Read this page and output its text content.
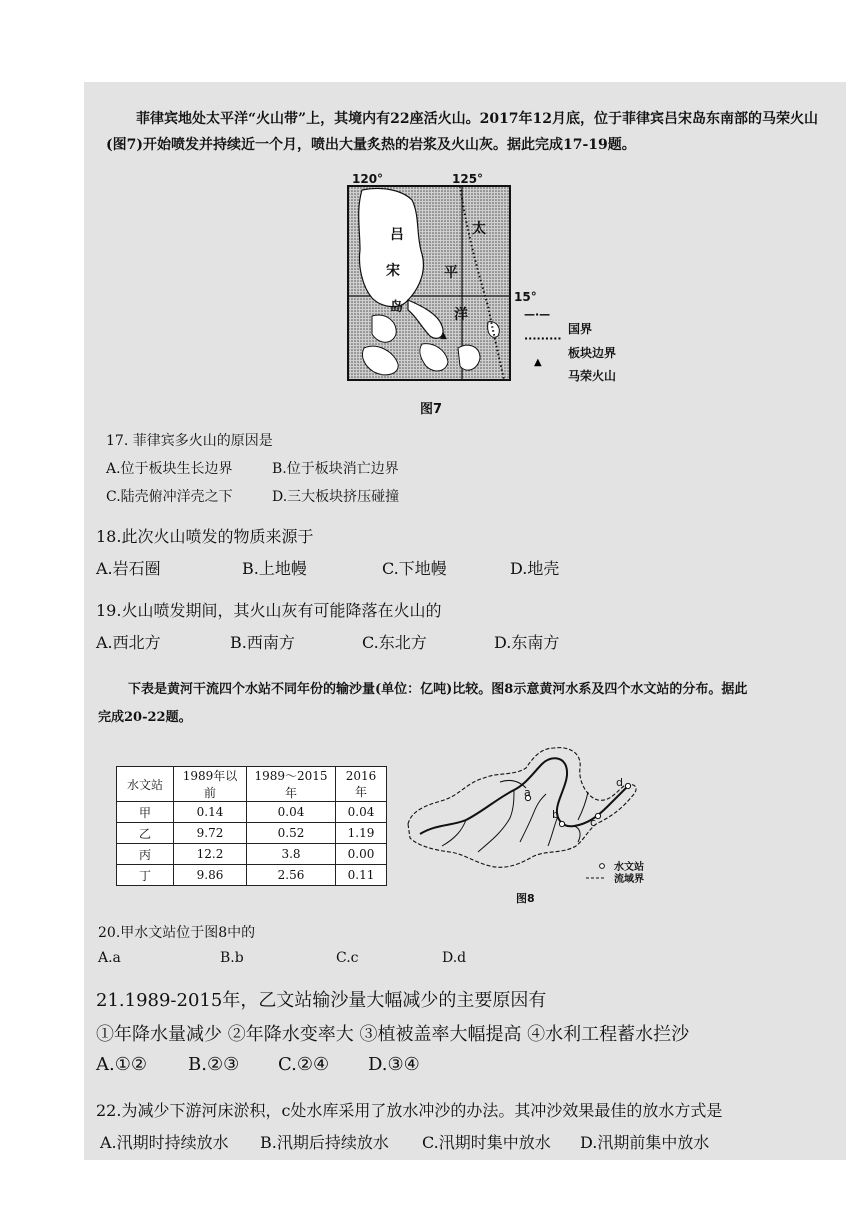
菲律宾地处太平洋“火山带”上，其境内有22座活火山。2017年12月底，位于菲律宾吕宋岛东南部的马荣火山
(图7)开始喷发并持续近一个月，喷出大量炙热的岩浆及火山灰。据此完成17-19题。
▲
—·—
·········
▲
120°	125°
15°
吕
宋
岛
太
平
洋
国界
板块边界
马荣火山
图7
17. 菲律宾多火山的原因是
A.位于板块生长边界	B.位于板块消亡边界
C.陆壳俯冲洋壳之下	D.三大板块挤压碰撞
18.此次火山喷发的物质来源于
A.岩石圈	B.上地幔	C.下地幔	D.地壳
19.火山喷发期间，其火山灰有可能降落在火山的
A.西北方	B.西南方	C.东北方	D.东南方
下表是黄河干流四个水站不同年份的输沙量(单位：亿吨)比较。图8示意黄河水系及四个水文站的分布。据此
完成20-22题。
水文站	1989年以前	1989～2015年	2016年
甲	0.14	0.04	0.04
乙	9.72	0.52	1.19
丙	12.2	3.8	0.00
丁	9.86	2.56	0.11
a
b
c
d
水文站
流域界
图8
20.甲水文站位于图8中的
A.a	B.b	C.c	D.d
21.1989-2015年，乙文站输沙量大幅减少的主要原因有
①年降水量减少 ②年降水变率大 ③植被盖率大幅提高 ④水利工程蓄水拦沙
A.①② B.②③ C.②④ D.③④
22.为减少下游河床淤积，c处水库采用了放水冲沙的办法。其冲沙效果最佳的放水方式是
A.汛期时持续放水 B.汛期后持续放水 C.汛期时集中放水 D.汛期前集中放水
